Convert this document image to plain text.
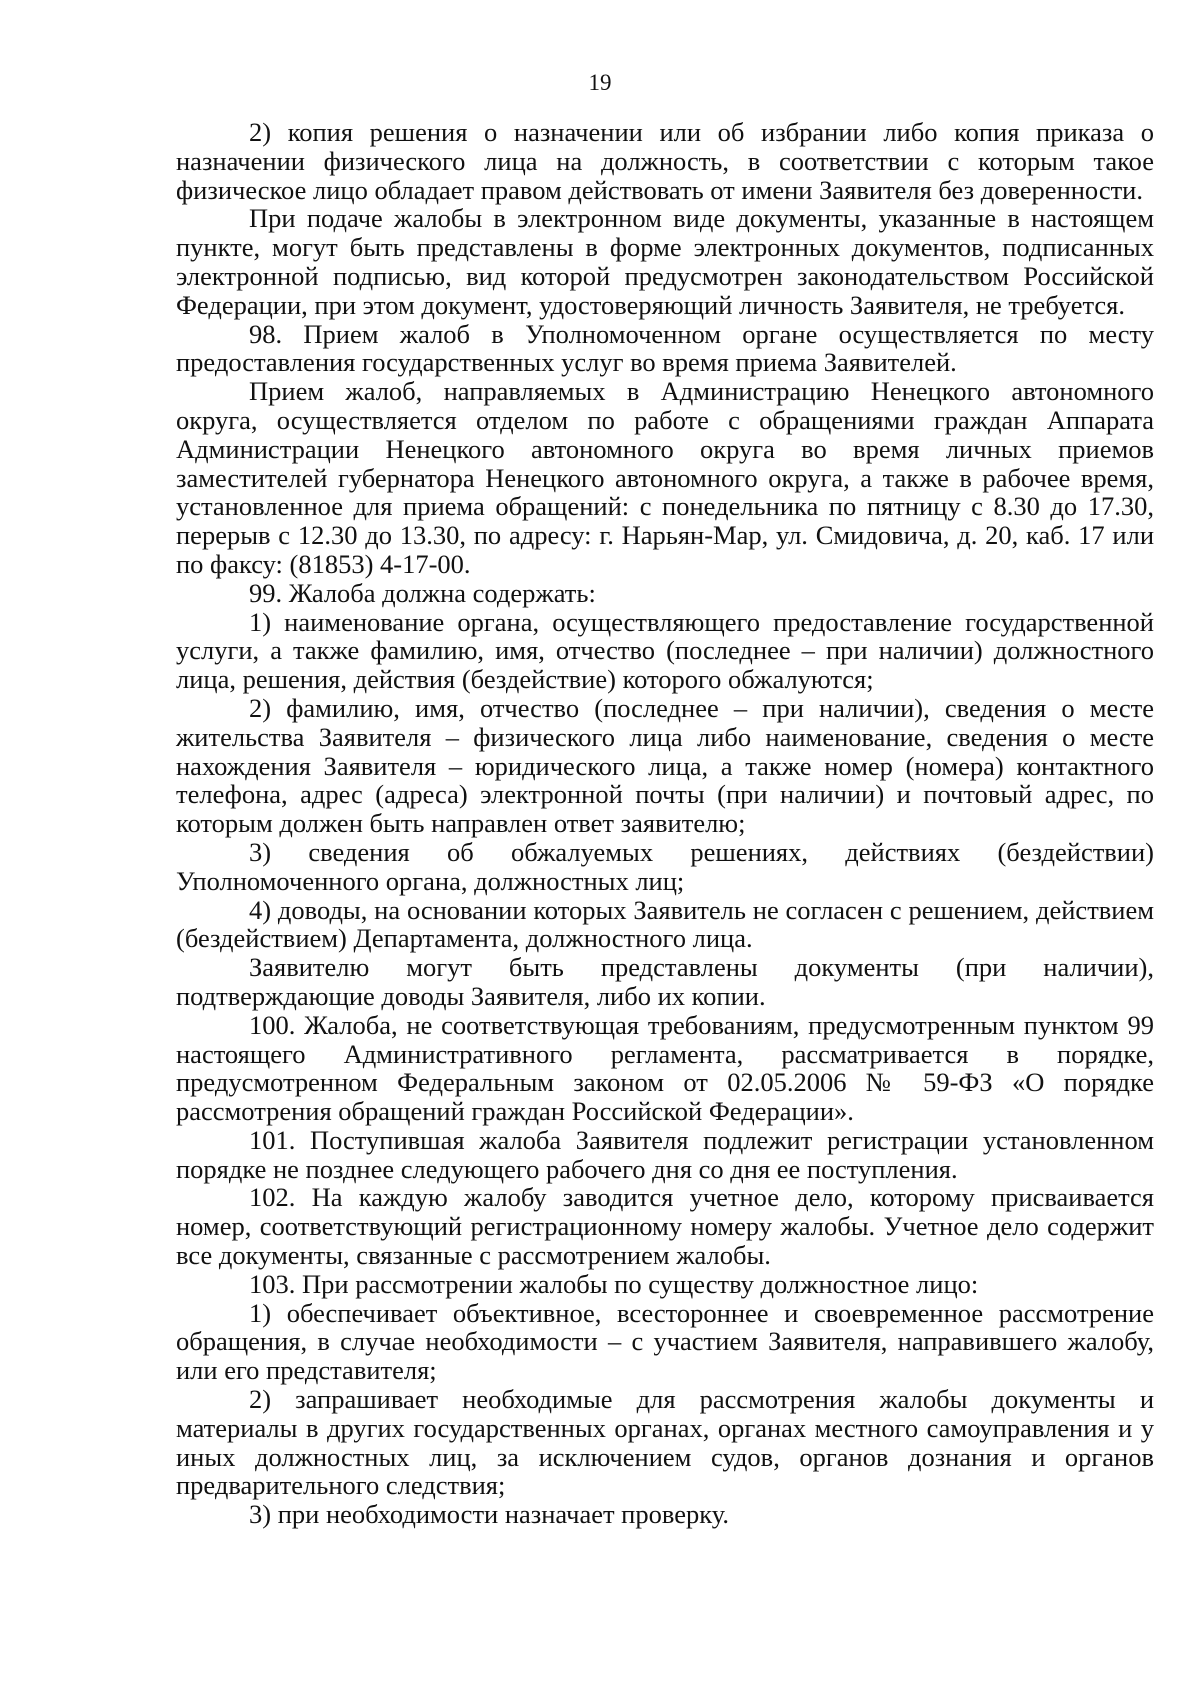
19

2) копия решения о назначении или об избрании либо копия приказа о назначении физического лица на должность, в соответствии с которым такое физическое лицо обладает правом действовать от имени Заявителя без доверенности.

При подаче жалобы в электронном виде документы, указанные в настоящем пункте, могут быть представлены в форме электронных документов, подписанных электронной подписью, вид которой предусмотрен законодательством Российской Федерации, при этом документ, удостоверяющий личность Заявителя, не требуется.

98. Прием жалоб в Уполномоченном органе осуществляется по месту предоставления государственных услуг во время приема Заявителей.

Прием жалоб, направляемых в Администрацию Ненецкого автономного округа, осуществляется отделом по работе с обращениями граждан Аппарата Администрации Ненецкого автономного округа во время личных приемов заместителей губернатора Ненецкого автономного округа, а также в рабочее время, установленное для приема обращений: с понедельника по пятницу с 8.30 до 17.30, перерыв с 12.30 до 13.30, по адресу: г. Нарьян-Мар, ул. Смидовича, д. 20, каб. 17 или по факсу: (81853) 4-17-00.

99. Жалоба должна содержать:

1) наименование органа, осуществляющего предоставление государственной услуги, а также фамилию, имя, отчество (последнее – при наличии) должностного лица, решения, действия (бездействие) которого обжалуются;

2) фамилию, имя, отчество (последнее – при наличии), сведения о месте жительства Заявителя – физического лица либо наименование, сведения о месте нахождения Заявителя – юридического лица, а также номер (номера) контактного телефона, адрес (адреса) электронной почты (при наличии) и почтовый адрес, по которым должен быть направлен ответ заявителю;

3) сведения об обжалуемых решениях, действиях (бездействии) Уполномоченного органа, должностных лиц;

4) доводы, на основании которых Заявитель не согласен с решением, действием (бездействием) Департамента, должностного лица.

Заявителю могут быть представлены документы (при наличии), подтверждающие доводы Заявителя, либо их копии.

100. Жалоба, не соответствующая требованиям, предусмотренным пунктом 99 настоящего Административного регламента, рассматривается в порядке, предусмотренном Федеральным законом от 02.05.2006 № 59-ФЗ «О порядке рассмотрения обращений граждан Российской Федерации».

101. Поступившая жалоба Заявителя подлежит регистрации установленном порядке не позднее следующего рабочего дня со дня ее поступления.

102. На каждую жалобу заводится учетное дело, которому присваивается номер, соответствующий регистрационному номеру жалобы. Учетное дело содержит все документы, связанные с рассмотрением жалобы.

103. При рассмотрении жалобы по существу должностное лицо:

1) обеспечивает объективное, всестороннее и своевременное рассмотрение обращения, в случае необходимости – с участием Заявителя, направившего жалобу, или его представителя;

2) запрашивает необходимые для рассмотрения жалобы документы и материалы в других государственных органах, органах местного самоуправления и у иных должностных лиц, за исключением судов, органов дознания и органов предварительного следствия;

3) при необходимости назначает проверку.
